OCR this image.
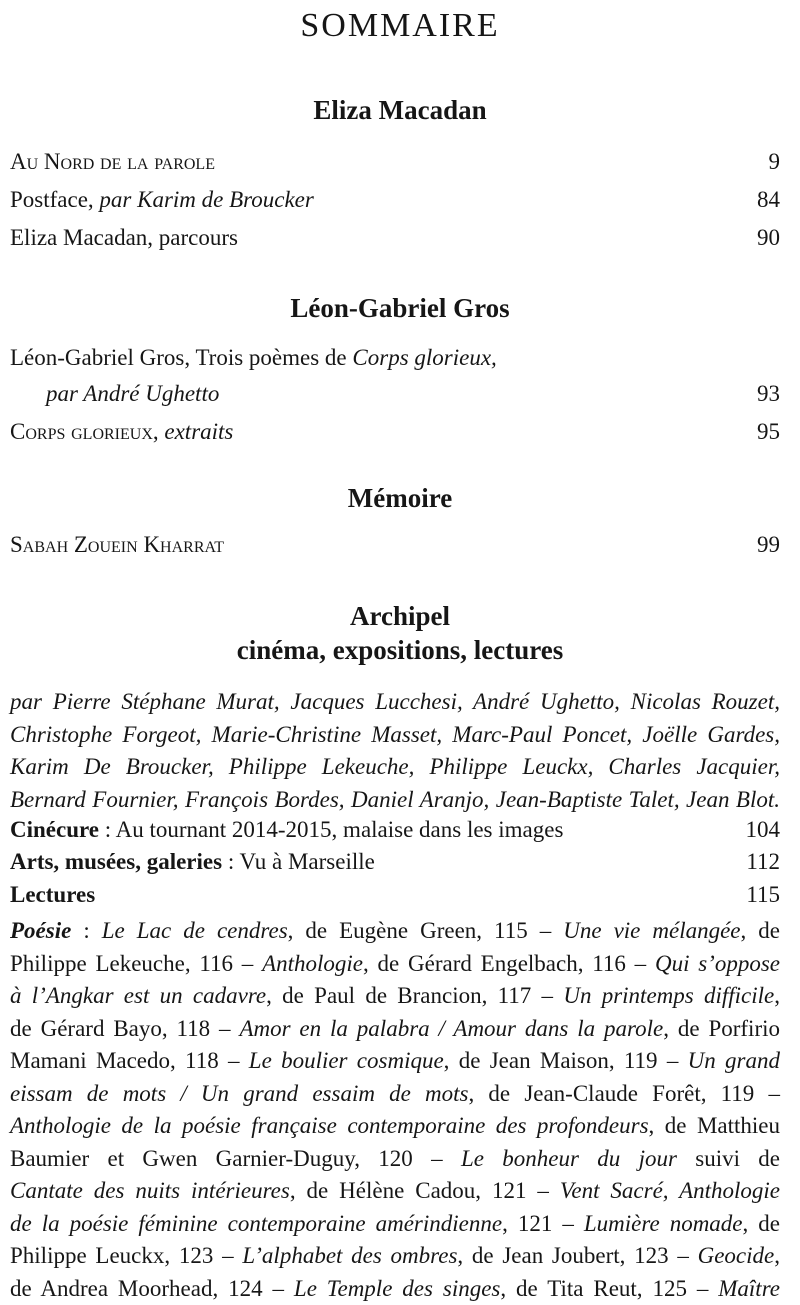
SOMMAIRE
Eliza Macadan
Au Nord de la parole	9
Postface, par Karim de Broucker	84
Eliza Macadan, parcours	90
Léon-Gabriel Gros
Léon-Gabriel Gros, Trois poèmes de Corps glorieux,
par André Ughetto	93
Corps glorieux, extraits	95
Mémoire
Sabah Zouein Kharrat	99
Archipel
cinéma, expositions, lectures
par Pierre Stéphane Murat, Jacques Lucchesi, André Ughetto, Nicolas Rouzet,
Christophe Forgeot, Marie-Christine Masset, Marc-Paul Poncet, Joëlle Gardes,
Karim De Broucker, Philippe Lekeuche, Philippe Leuckx, Charles Jacquier,
Bernard Fournier, François Bordes, Daniel Aranjo, Jean-Baptiste Talet, Jean Blot.
Cinécure : Au tournant 2014-2015, malaise dans les images	104
Arts, musées, galeries : Vu à Marseille	112
Lectures	115
Poésie : Le Lac de cendres, de Eugène Green, 115 – Une vie mélangée, de
Philippe Lekeuche, 116 – Anthologie, de Gérard Engelbach, 116 – Qui s’oppose
à l’Angkar est un cadavre, de Paul de Brancion, 117 – Un printemps difficile,
de Gérard Bayo, 118 – Amor en la palabra / Amour dans la parole, de Porfirio
Mamani Macedo, 118 – Le boulier cosmique, de Jean Maison, 119 – Un grand
eissam de mots / Un grand essaim de mots, de Jean-Claude Forêt, 119 –
Anthologie de la poésie française contemporaine des profondeurs, de Matthieu
Baumier et Gwen Garnier-Duguy, 120 – Le bonheur du jour suivi de
Cantate des nuits intérieures, de Hélène Cadou, 121 – Vent Sacré, Anthologie
de la poésie féminine contemporaine amérindienne, 121 – Lumière nomade, de
Philippe Leuckx, 123 – L’alphabet des ombres, de Jean Joubert, 123 – Geocide,
de Andrea Moorhead, 124 – Le Temple des singes, de Tita Reut, 125 – Maître
